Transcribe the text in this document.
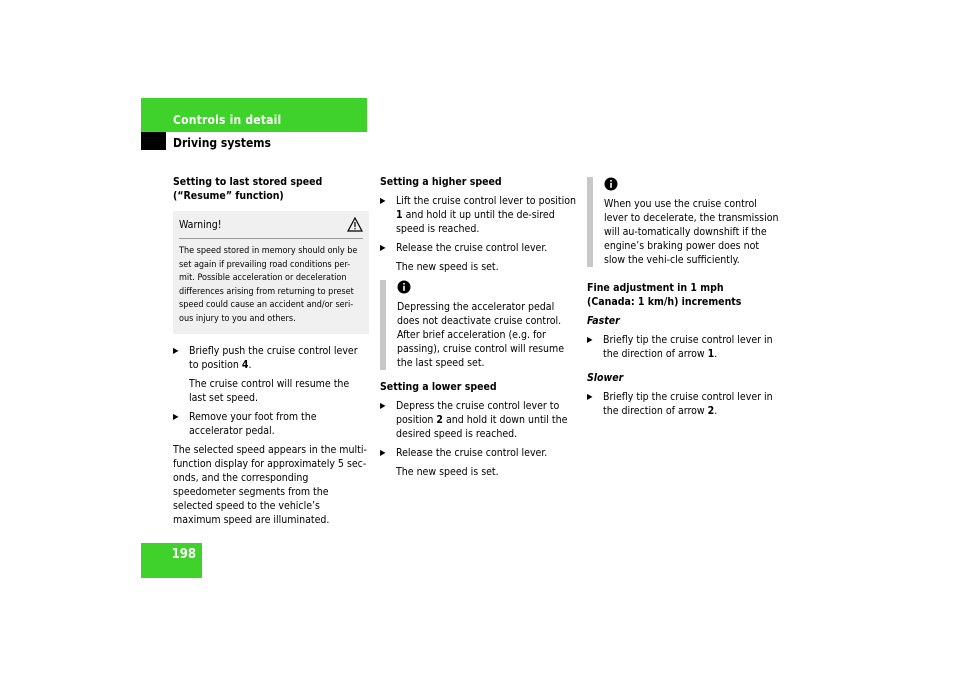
Controls in detail
Driving systems

Setting to last stored speed (“Resume” function)

Warning!
The speed stored in memory should only be set again if prevailing road conditions per-mit. Possible acceleration or deceleration differences arising from returning to preset speed could cause an accident and/or seri-ous injury to you and others.
▶ Briefly push the cruise control lever to position 4.

The cruise control will resume the last set speed.

▶ Remove your foot from the accelerator pedal.

The selected speed appears in the multi-function display for approximately 5 sec-onds, and the corresponding speedometer segments from the selected speed to the vehicle’s maximum speed are illuminated.

Setting a higher speed

▶ Lift the cruise control lever to position 1 and hold it up until the de-sired speed is reached.
▶ Release the cruise control lever.

The new speed is set.

Depressing the accelerator pedal does not deactivate cruise control. After brief acceleration (e.g. for passing), cruise control will resume the last speed set.

Setting a lower speed

▶ Depress the cruise control lever to position 2 and hold it down until the desired speed is reached.
▶ Release the cruise control lever.

The new speed is set.

When you use the cruise control lever to decelerate, the transmission will au-tomatically downshift if the engine’s braking power does not slow the vehi-cle sufficiently.

Fine adjustment in 1 mph

(Canada: 1 km/h) increments

Faster

▶ Briefly tip the cruise control lever in the direction of arrow 1.

Slower

▶ Briefly tip the cruise control lever in the direction of arrow 2.
198
